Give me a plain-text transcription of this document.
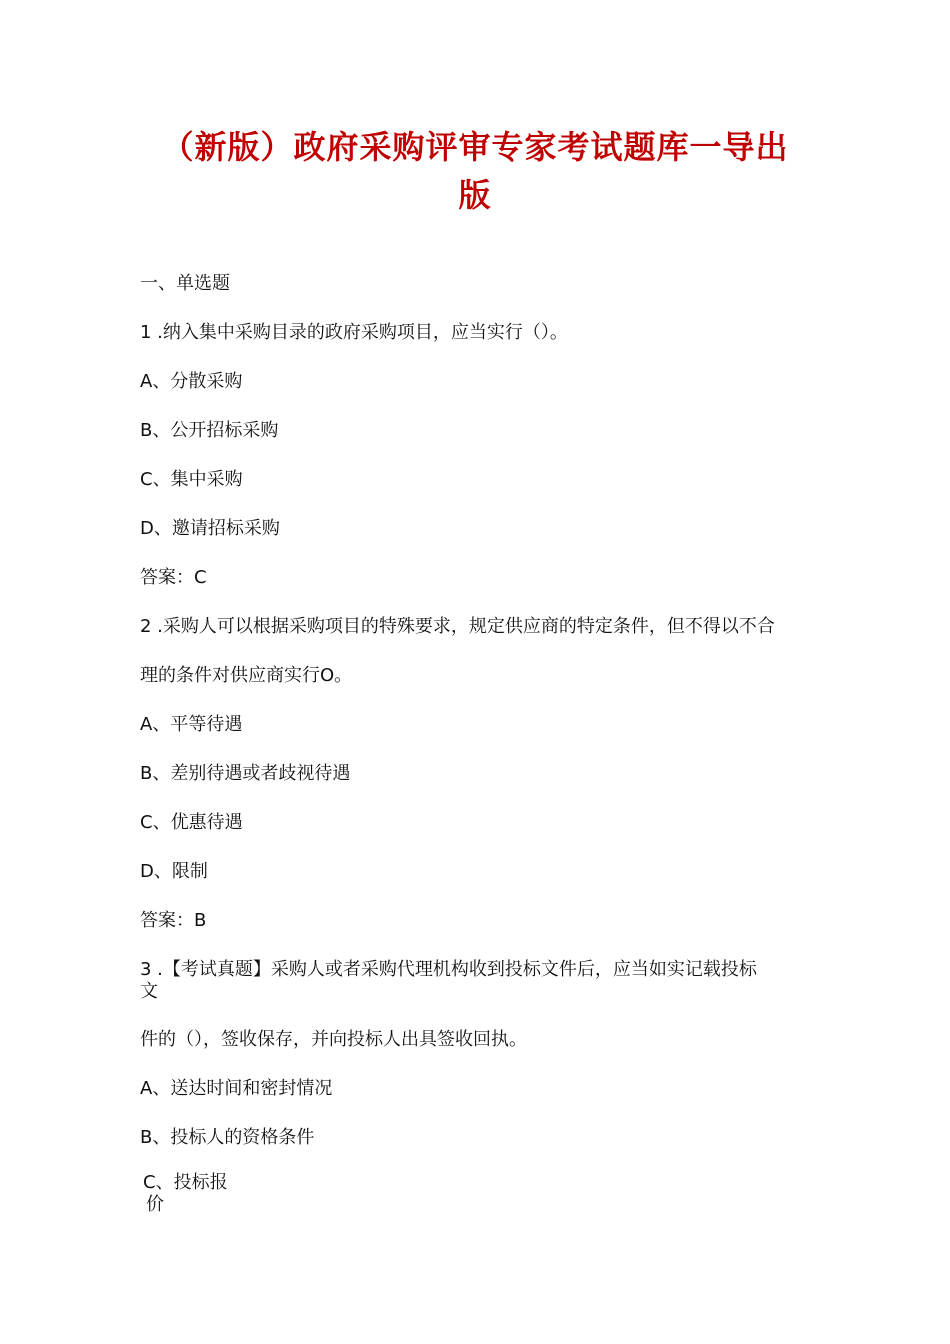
（新版）政府采购评审专家考试题库一导出
版
一、单选题
1 .纳入集中采购目录的政府采购项目，应当实行（）。
A、分散采购
B、公开招标采购
C、集中采购
D、邀请招标采购
答案：C
2 .采购人可以根据采购项目的特殊要求，规定供应商的特定条件，但不得以不合
理的条件对供应商实行O。
A、平等待遇
B、差别待遇或者歧视待遇
C、优惠待遇
D、限制
答案：B
3 .【考试真题】采购人或者采购代理机构收到投标文件后，应当如实记载投标
文
件的（），签收保存，并向投标人出具签收回执。
A、送达时间和密封情况
B、投标人的资格条件
C、投标报
价
